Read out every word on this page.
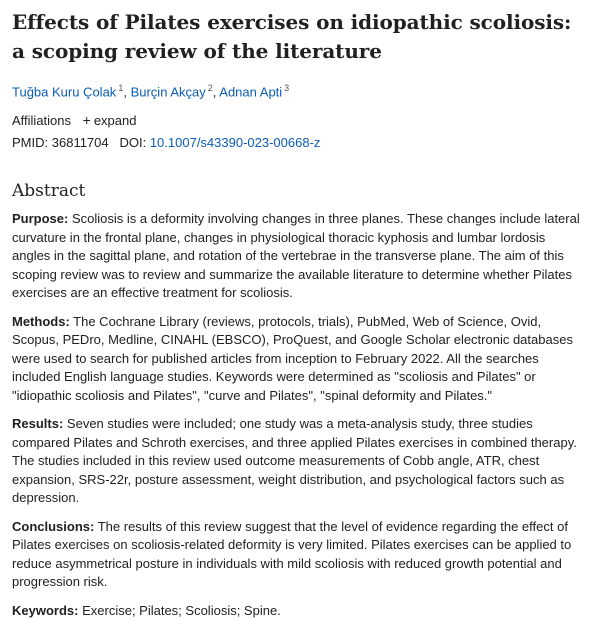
Effects of Pilates exercises on idiopathic scoliosis: a scoping review of the literature
Tuğba Kuru Çolak $^1$, Burçin Akçay $^2$, Adnan Apti $^3$
Affiliations + expand
PMID: 36811704 DOI: 10.1007/s43390-023-00668-z
Abstract

Purpose: Scoliosis is a deformity involving changes in three planes. These changes include lateral curvature in the frontal plane, changes in physiological thoracic kyphosis and lumbar lordosis angles in the sagittal plane, and rotation of the vertebrae in the transverse plane. The aim of this scoping review was to review and summarize the available literature to determine whether Pilates exercises are an effective treatment for scoliosis.

Methods: The Cochrane Library (reviews, protocols, trials), PubMed, Web of Science, Ovid, Scopus, PEDro, Medline, CINAHL (EBSCO), ProQuest, and Google Scholar electronic databases were used to search for published articles from inception to February 2022. All the searches included English language studies. Keywords were determined as "scoliosis and Pilates" or "idiopathic scoliosis and Pilates", "curve and Pilates", "spinal deformity and Pilates."

Results: Seven studies were included; one study was a meta-analysis study, three studies compared Pilates and Schroth exercises, and three applied Pilates exercises in combined therapy. The studies included in this review used outcome measurements of Cobb angle, ATR, chest expansion, SRS-22r, posture assessment, weight distribution, and psychological factors such as depression.

Conclusions: The results of this review suggest that the level of evidence regarding the effect of Pilates exercises on scoliosis-related deformity is very limited. Pilates exercises can be applied to reduce asymmetrical posture in individuals with mild scoliosis with reduced growth potential and progression risk.

Keywords: Exercise; Pilates; Scoliosis; Spine.
